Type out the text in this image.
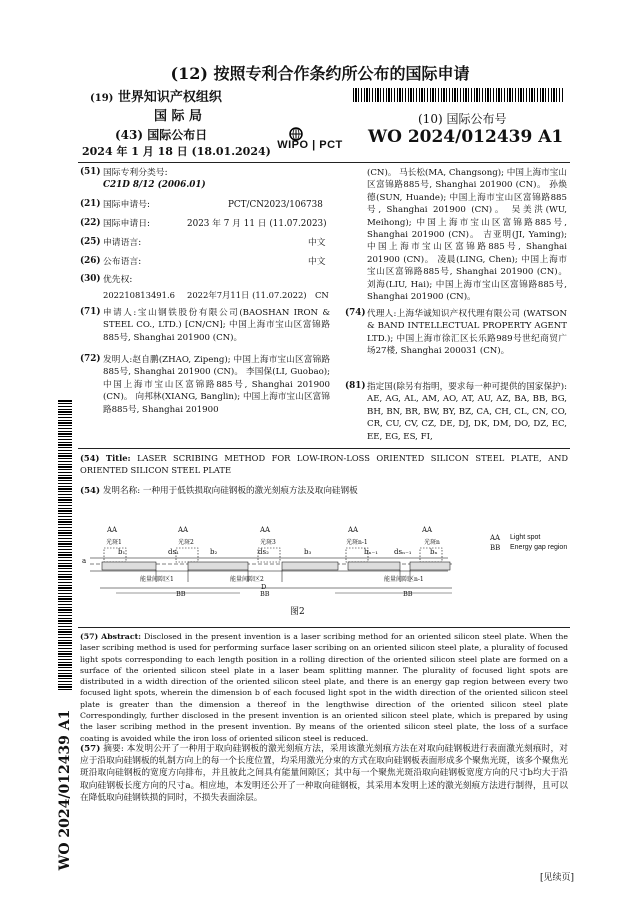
(12) 按照专利合作条约所公布的国际申请
(19) 世界知识产权组织
国 际 局
(43) 国际公布日
2024 年 1 月 18 日 (18.01.2024) WIPO | PCT
(10) 国际公布号
WO 2024/012439 A1
WO 2024/012439 A1
(51) 国际专利分类号:
C21D 8/12 (2006.01)
(21) 国际申请号:	PCT/CN2023/106738
(22) 国际申请日:	2023 年 7 月 11 日 (11.07.2023)
(25) 申请语言:	中文
(26) 公布语言:	中文
(30) 优先权:
202210813491.6 2022年7月11日 (11.07.2022) CN
(71) 申请人:宝山钢铁股份有限公司(BAOSHAN IRON & STEEL CO., LTD.) [CN/CN]; 中国上海市宝山区富锦路885号, Shanghai 201900 (CN)。
(72) 发明人:赵自鹏(ZHAO, Zipeng); 中国上海市宝山区富锦路885号, Shanghai 201900 (CN)。 李国保(LI, Guobao); 中国上海市宝山区富锦路885号, Shanghai 201900 (CN)。 向邦林(XIANG, Banglin); 中国上海市宝山区富锦路885号, Shanghai 201900
(CN)。 马长松(MA, Changsong); 中国上海市宝山区富锦路885号, Shanghai 201900 (CN)。 孙焕德(SUN, Huande); 中国上海市宝山区富锦路885号, Shanghai 201900 (CN)。 吴美洪(WU, Meihong); 中国上海市宝山区富锦路885号, Shanghai 201900 (CN)。 吉亚明(JI, Yaming); 中国上海市宝山区富锦路885号, Shanghai 201900 (CN)。 凌晨(LING, Chen); 中国上海市宝山区富锦路885号, Shanghai 201900 (CN)。 刘海(LIU, Hai); 中国上海市宝山区富锦路885号, Shanghai 201900 (CN)。
(74) 代理人:上海华诚知识产权代理有限公司 (WATSON & BAND INTELLECTUAL PROPERTY AGENT LTD.); 中国上海市徐汇区长乐路989号世纪商贸广场27楼, Shanghai 200031 (CN)。
(81) 指定国(除另有指明，要求每一种可提供的国家保护): AE, AG, AL, AM, AO, AT, AU, AZ, BA, BB, BG, BH, BN, BR, BW, BY, BZ, CA, CH, CL, CN, CO, CR, CU, CV, CZ, DE, DJ, DK, DM, DO, DZ, EC, EE, EG, ES, FI,
(54) Title: LASER SCRIBING METHOD FOR LOW-IRON-LOSS ORIENTED SILICON STEEL PLATE, AND ORIENTED SILICON STEEL PLATE
(54) 发明名称: 一种用于低铁损取向硅钢板的激光刻痕方法及取向硅钢板
AA	AA	AA	AA	AA
光斑1	光斑2	光斑3	光斑n-1	光斑n
b₁	ds₁	b₂	ds₂	b₃	bₙ₋₁ dsₙ₋₁	bₙ
a
能量间隙区1	能量间隙区2	能量间隙区n-1
D
BB	BB	BB
AA Light spot
BB Energy gap region
图2
(57) Abstract: Disclosed in the present invention is a laser scribing method for an oriented silicon steel plate. When the laser scribing method is used for performing surface laser scribing on an oriented silicon steel plate, a plurality of focused light spots corresponding to each length position in a rolling direction of the oriented silicon steel plate are formed on a surface of the oriented silicon steel plate in a laser beam splitting manner. The plurality of focused light spots are distributed in a width direction of the oriented silicon steel plate, and there is an energy gap region between every two focused light spots, wherein the dimension b of each focused light spot in the width direction of the oriented silicon steel plate is greater than the dimension a thereof in the lengthwise direction of the oriented silicon steel plate Correspondingly, further disclosed in the present invention is an oriented silicon steel plate, which is prepared by using the laser scribing method in the present invention. By means of the oriented silicon steel plate, the loss of a surface coating is avoided while the iron loss of oriented silicon steel is reduced.
(57) 摘要: 本发明公开了一种用于取向硅钢板的激光刻痕方法，采用该激光刻痕方法在对取向硅钢板进行表面激光刻痕时，对应于沿取向硅钢板的轧制方向上的每一个长度位置，均采用激光分束的方式在取向硅钢板表面形成多个聚焦光斑，该多个聚焦光斑沿取向硅钢板的宽度方向排布，并且彼此之间具有能量间隙区；其中每一个聚焦光斑沿取向硅钢板宽度方向的尺寸b均大于沿取向硅钢板长度方向的尺寸a。相应地，本发明还公开了一种取向硅钢板，其采用本发明上述的激光刻痕方法进行制得，且可以在降低取向硅钢铁损的同时，不损失表面涂层。
[见续页]
